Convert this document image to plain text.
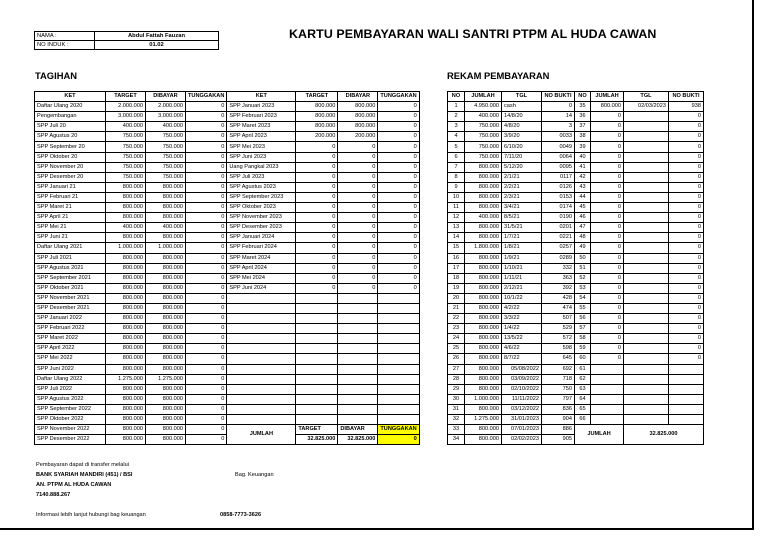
NAMA :	Abdul Fattah Fauzan
NO INDUK :	01.02
KARTU PEMBAYARAN WALI SANTRI PTPM AL HUDA CAWAN
TAGIHAN	REKAM PEMBAYARAN
KET	TARGET	DIBAYAR	TUNGGAKAN	KET	TARGET	DIBAYAR	TUNGGAKAN
Daftar Ulang 2020	2.000.000	2.000.000	0	SPP Januari 2023	800.000	800.000	0
Pengembangan	3.000.000	3.000.000	0	SPP Februari 2023	800.000	800.000	0
SPP Juli 20	400.000	400.000	0	SPP Maret 2023	800.000	800.000	0
SPP Agustus 20	750.000	750.000	0	SPP April 2023	200.000	200.000	0
SPP September 20	750.000	750.000	0	SPP Mei 2023	0	0	0
SPP Oktober 20	750.000	750.000	0	SPP Juni 2023	0	0	0
SPP November 20	750.000	750.000	0	Uang Pangkal 2023	0	0	0
SPP Desember 20	750.000	750.000	0	SPP Juli 2023	0	0	0
SPP Januari 21	800.000	800.000	0	SPP Agustus 2023	0	0	0
SPP Februari 21	800.000	800.000	0	SPP September 2023	0	0	0
SPP Maret 21	800.000	800.000	0	SPP Oktober 2023	0	0	0
SPP April 21	800.000	800.000	0	SPP November 2023	0	0	0
SPP Mei 21	400.000	400.000	0	SPP Desember 2023	0	0	0
SPP Juni 21	800.000	800.000	0	SPP Januari 2024	0	0	0
Daftar Ulang 2021	1.000.000	1.000.000	0	SPP Februari 2024	0	0	0
SPP Juli 2021	800.000	800.000	0	SPP Maret 2024	0	0	0
SPP Agustus 2021	800.000	800.000	0	SPP April 2024	0	0	0
SPP September 2021	800.000	800.000	0	SPP Mei 2024	0	0	0
SPP Oktober 2021	800.000	800.000	0	SPP Juni 2024	0	0	0
SPP November 2021	800.000	800.000	0				
SPP Desember 2021	800.000	800.000	0				
SPP Januari 2022	800.000	800.000	0				
SPP Februari 2022	800.000	800.000	0				
SPP Maret 2022	800.000	800.000	0				
SPP April 2022	800.000	800.000	0				
SPP Mei 2022	800.000	800.000	0				
SPP Juni 2022	800.000	800.000	0				
Daftar Ulang 2022	1.275.000	1.275.000	0				
SPP Juli 2022	800.000	800.000	0				
SPP Agustus 2022	800.000	800.000	0				
SPP September 2022	800.000	800.000	0				
SPP Oktober 2022	800.000	800.000	0				
SPP November 2022	800.000	800.000	0	JUMLAH	TARGET	DIBAYAR	TUNGGAKAN
SPP Desember 2022	800.000	800.000	0		32.825.000	32.825.000	0
NO	JUMLAH	TGL	NO BUKTI	NO	JUMLAH	TGL	NO BUKTI
1	4.950.000	cash	0	35	800.000	02/03/2023	938
2	400.000	14/8/20	14	36	0		0
3	750.000	4/8/20	3	37	0		0
4	750.000	3/9/20	0033	38	0		0
5	750.000	6/10/20	0049	39	0		0
6	750.000	7/11/20	0064	40	0		0
7	800.000	5/12/20	0095	41	0		0
8	800.000	2/1/21	0117	42	0		0
9	800.000	2/2/21	0126	43	0		0
10	800.000	2/3/21	0153	44	0		0
11	800.000	3/4/21	0174	45	0		0
12	400.000	8/5/21	0190	46	0		0
13	800.000	31/5/21	0201	47	0		0
14	800.000	1/7/21	0221	48	0		0
15	1.800.000	1/8/21	0257	49	0		0
16	800.000	1/9/21	0289	50	0		0
17	800.000	1/10/21	332	51	0		0
18	800.000	1/11/21	363	52	0		0
19	800.000	2/12/21	392	53	0		0
20	800.000	10/1/22	428	54	0		0
21	800.000	4/2/22	474	55	0		0
22	800.000	3/3/22	507	56	0		0
23	800.000	1/4/22	529	57	0		0
24	800.000	13/5/22	572	58	0		0
25	800.000	4/6/22	598	59	0		0
26	800.000	8/7/22	645	60	0		0
27	800.000	05/08/2022	692	61			
28	800.000	03/09/2022	718	62			
29	800.000	02/10/2022	750	63			
30	1.000.000	11/11/2022	797	64			
31	800.000	03/12/2022	836	65			
32	1.275.000	31/01/2023	904	66			
33	800.000	07/01/2023	886	JUMLAH		32.825.000	
34	800.000	02/02/2023	905				
Pembayaran dapat di transfer melalui
BANK SYARIAH MANDIRI (451) / BSI
AN. PTPM AL HUDA CAWAN
7140.888.267
Bag. Keuangan
Informasi lebih lanjut hubungi bag keuangan	0858-7773-3626
